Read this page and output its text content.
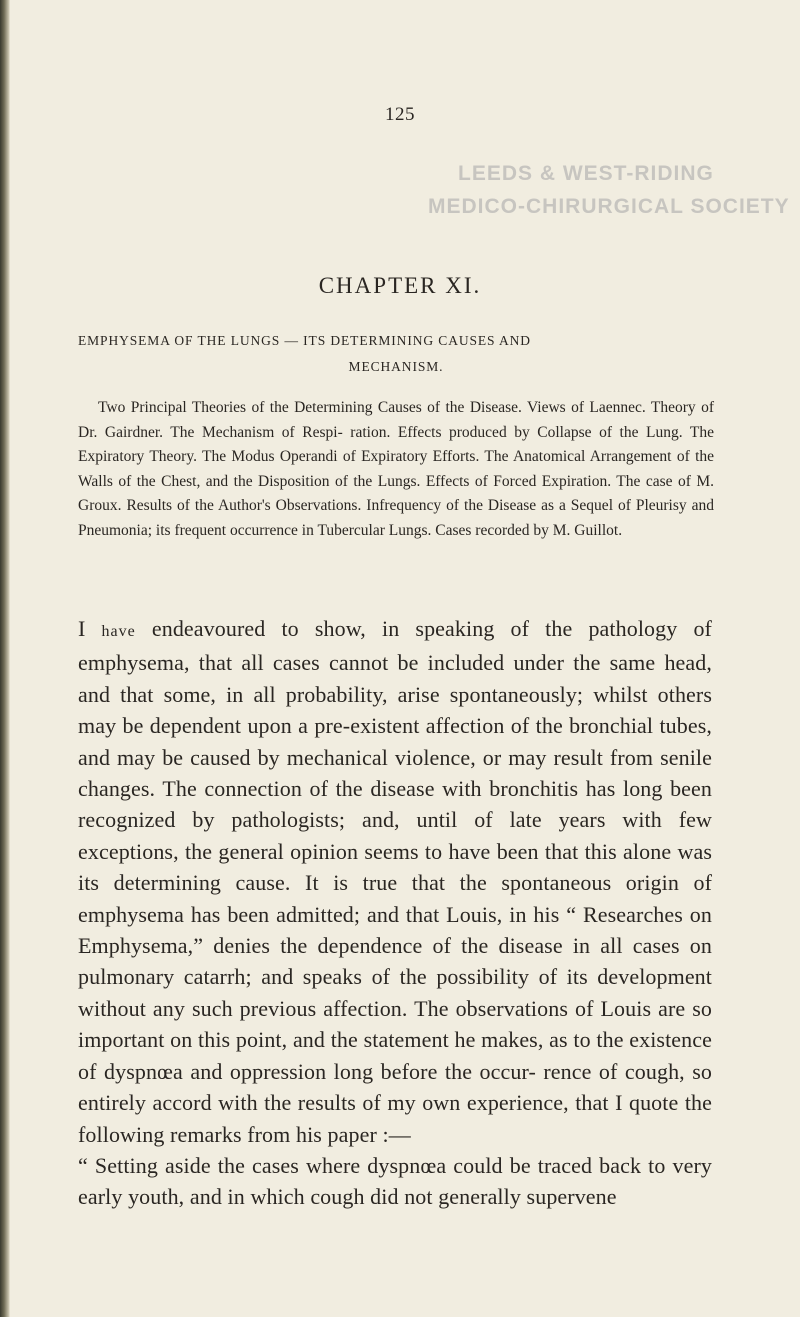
125
LEEDS & WEST-RIDING
MEDICO-CHIRURGICAL SOCIETY
CHAPTER XI.
EMPHYSEMA OF THE LUNGS — ITS DETERMINING CAUSES AND
MECHANISM.
Two Principal Theories of the Determining Causes of the Disease. Views of Laennec. Theory of Dr. Gairdner. The Mechanism of Respi- ration. Effects produced by Collapse of the Lung. The Expiratory Theory. The Modus Operandi of Expiratory Efforts. The Anatomical Arrangement of the Walls of the Chest, and the Disposition of the Lungs. Effects of Forced Expiration. The case of M. Groux. Results of the Author's Observations. Infrequency of the Disease as a Sequel of Pleurisy and Pneumonia; its frequent occurrence in Tubercular Lungs. Cases recorded by M. Guillot.
I have endeavoured to show, in speaking of the pathology of emphysema, that all cases cannot be included under the same head, and that some, in all probability, arise spontaneously; whilst others may be dependent upon a pre-existent affection of the bronchial tubes, and may be caused by mechanical violence, or may result from senile changes. The connection of the disease with bronchitis has long been recognized by pathologists; and, until of late years with few exceptions, the general opinion seems to have been that this alone was its determining cause. It is true that the spontaneous origin of emphysema has been admitted; and that Louis, in his “ Researches on Emphysema,” denies the dependence of the disease in all cases on pulmonary catarrh; and speaks of the possibility of its development without any such previous affection. The observations of Louis are so important on this point, and the statement he makes, as to the existence of dyspnœa and oppression long before the occur- rence of cough, so entirely accord with the results of my own experience, that I quote the following remarks from his paper :—
“ Setting aside the cases where dyspnœa could be traced back to very early youth, and in which cough did not generally supervene
